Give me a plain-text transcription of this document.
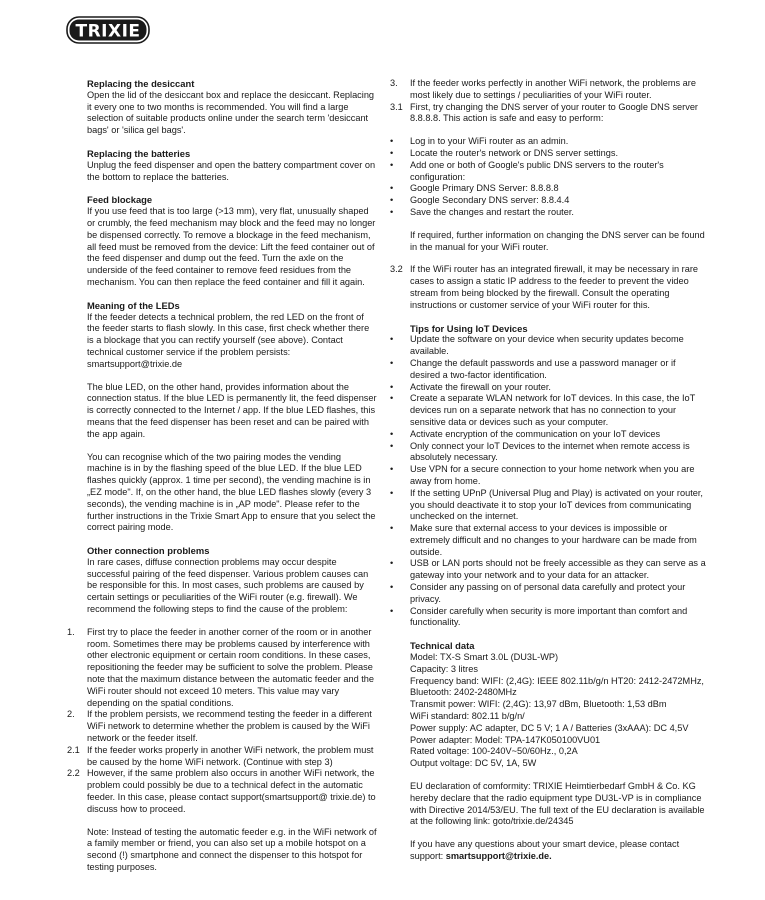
TRIXIE
Replacing the desiccant

Open the lid of the desiccant box and replace the desiccant. Replacing it every one to two months is recommended. You will find a large selection of suitable products online under the search term 'desiccant bags' or 'silica gel bags'.

Replacing the batteries

Unplug the feed dispenser and open the battery compartment cover on the bottom to replace the batteries.

Feed blockage

If you use feed that is too large (>13 mm), very flat, unusually shaped or crumbly, the feed mechanism may block and the feed may no longer be dispensed correctly. To remove a blockage in the feed mechanism, all feed must be removed from the device: Lift the feed container out of the feed dispenser and dump out the feed. Turn the axle on the underside of the feed container to remove feed residues from the mechanism. You can then replace the feed container and fill it again.

Meaning of the LEDs

If the feeder detects a technical problem, the red LED on the front of the feeder starts to flash slowly. In this case, first check whether there is a blockage that you can rectify yourself (see above). Contact technical customer service if the problem persists: smartsupport@trixie.de

The blue LED, on the other hand, provides information about the connection status. If the blue LED is permanently lit, the feed dispenser is correctly connected to the Internet / app. If the blue LED flashes, this means that the feed dispenser has been reset and can be paired with the app again.

You can recognise which of the two pairing modes the vending machine is in by the flashing speed of the blue LED. If the blue LED flashes quickly (approx. 1 time per second), the vending machine is in „EZ mode". If, on the other hand, the blue LED flashes slowly (every 3 seconds), the vending machine is in „AP mode". Please refer to the further instructions in the Trixie Smart App to ensure that you select the correct pairing mode.

Other connection problems

In rare cases, diffuse connection problems may occur despite successful pairing of the feed dispenser. Various problem causes can be responsible for this. In most cases, such problems are caused by certain settings or peculiarities of the WiFi router (e.g. firewall). We recommend the following steps to find the cause of the problem:

1. First try to place the feeder in another corner of the room or in another room. Sometimes there may be problems caused by interference with other electronic equipment or certain room conditions. In these cases, repositioning the feeder may be sufficient to solve the problem. Please note that the maximum distance between the automatic feeder and the WiFi router should not exceed 10 meters. This value may vary depending on the spatial conditions.

2. If the problem persists, we recommend testing the feeder in a different WiFi network to determine whether the problem is caused by the WiFi network or the feeder itself.

2.1 If the feeder works properly in another WiFi network, the problem must be caused by the home WiFi network. (Continue with step 3)

2.2 However, if the same problem also occurs in another WiFi network, the problem could possibly be due to a technical defect in the automatic feeder. In this case, please contact support(smartsupport@ trixie.de) to discuss how to proceed.

Note: Instead of testing the automatic feeder e.g. in the WiFi network of a family member or friend, you can also set up a mobile hotspot on a second (!) smartphone and connect the dispenser to this hotspot for testing purposes.

3. If the feeder works perfectly in another WiFi network, the problems are most likely due to settings / peculiarities of your WiFi router.

3.1 First, try changing the DNS server of your router to Google DNS server 8.8.8.8. This action is safe and easy to perform:

• Log in to your WiFi router as an admin.

• Locate the router's network or DNS server settings.

• Add one or both of Google's public DNS servers to the router's configuration:

• Google Primary DNS Server: 8.8.8.8

• Google Secondary DNS server: 8.8.4.4

• Save the changes and restart the router.

If required, further information on changing the DNS server can be found in the manual for your WiFi router.

3.2 If the WiFi router has an integrated firewall, it may be necessary in rare cases to assign a static IP address to the feeder to prevent the video stream from being blocked by the firewall. Consult the operating instructions or customer service of your WiFi router for this.

Tips for Using IoT Devices
• Update the software on your device when security updates become available.

• Change the default passwords and use a password manager or if desired a two-factor identification.

• Activate the firewall on your router.

• Create a separate WLAN network for IoT devices. In this case, the IoT devices run on a separate network that has no connection to your sensitive data or devices such as your computer.

• Activate encryption of the communication on your IoT devices

• Only connect your IoT Devices to the internet when remote access is absolutely necessary.

• Use VPN for a secure connection to your home network when you are away from home.

• If the setting UPnP (Universal Plug and Play) is activated on your router, you should deactivate it to stop your IoT devices from communicating unchecked on the internet.

• Make sure that external access to your devices is impossible or extremely difficult and no changes to your hardware can be made from outside.

• USB or LAN ports should not be freely accessible as they can serve as a gateway into your network and to your data for an attacker.

• Consider any passing on of personal data carefully and protect your privacy.

• Consider carefully when security is more important than comfort and functionality.

Technical data

Model: TX-S Smart 3.0L (DU3L-WP)

Capacity: 3 litres

Frequency band: WIFI: (2,4G): IEEE 802.11b/g/n HT20: 2412-2472MHz, Bluetooth: 2402-2480MHz

Transmit power: WIFI: (2,4G): 13,97 dBm, Bluetooth: 1,53 dBm

WiFi standard: 802.11 b/g/n/

Power supply: AC adapter, DC 5 V; 1 A / Batteries (3xAAA): DC 4,5V

Power adapter: Model: TPA-147K050100VU01

Rated voltage: 100-240V~50/60Hz., 0,2A

Output voltage: DC 5V, 1A, 5W

EU declaration of comformity: TRIXIE Heimtierbedarf GmbH & Co. KG hereby declare that the radio equipment type DU3L-VP is in compliance with Directive 2014/53/EU. The full text of the EU declaration is available at the following link: goto/trixie.de/24345

If you have any questions about your smart device, please contact support: smartsupport@trixie.de.
